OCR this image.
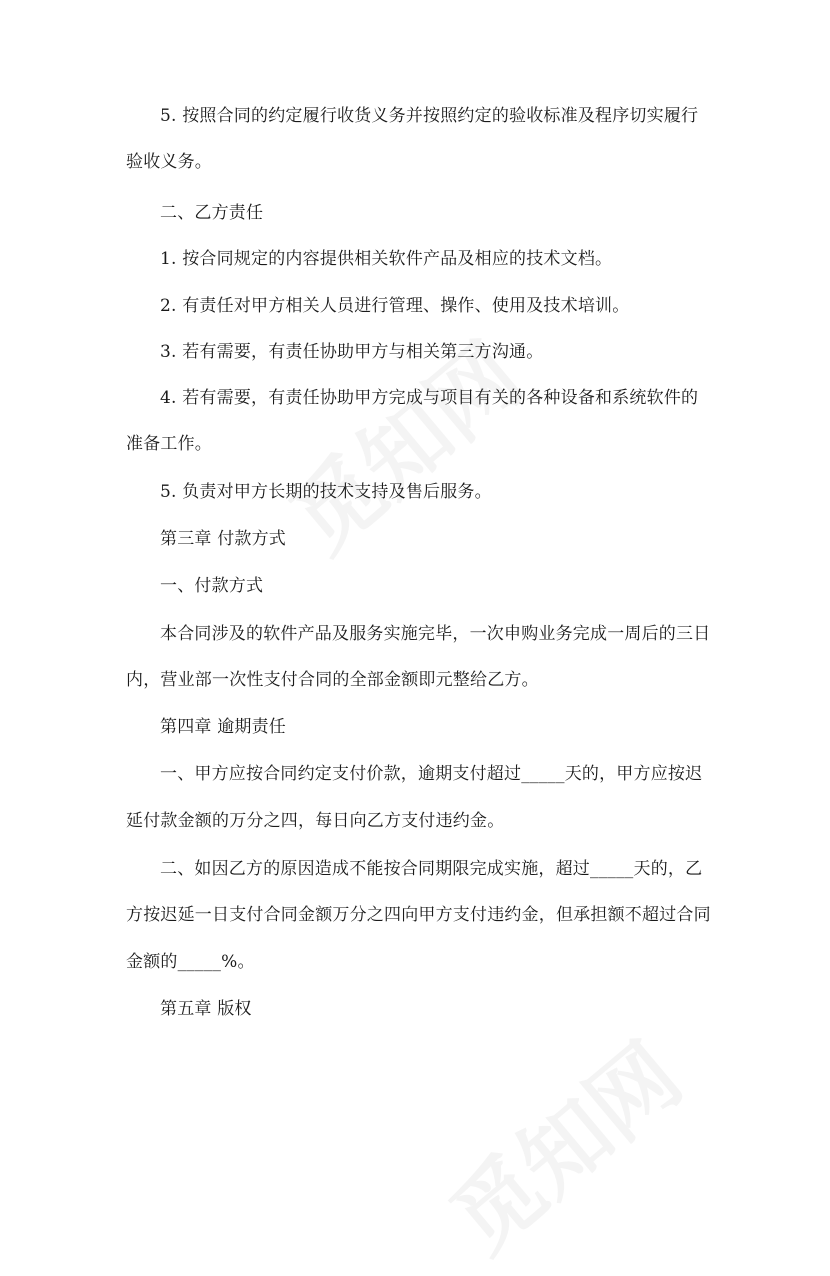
5. 按照合同的约定履行收货义务并按照约定的验收标准及程序切实履行
验收义务。
二、乙方责任
1. 按合同规定的内容提供相关软件产品及相应的技术文档。
2. 有责任对甲方相关人员进行管理、操作、使用及技术培训。
3. 若有需要，有责任协助甲方与相关第三方沟通。
4. 若有需要，有责任协助甲方完成与项目有关的各种设备和系统软件的
准备工作。
5. 负责对甲方长期的技术支持及售后服务。
第三章 付款方式
一、付款方式
本合同涉及的软件产品及服务实施完毕，一次申购业务完成一周后的三日
内，营业部一次性支付合同的全部金额即元整给乙方。
第四章 逾期责任
一、甲方应按合同约定支付价款，逾期支付超过_____天的，甲方应按迟
延付款金额的万分之四，每日向乙方支付违约金。
二、如因乙方的原因造成不能按合同期限完成实施，超过_____天的，乙
方按迟延一日支付合同金额万分之四向甲方支付违约金，但承担额不超过合同
金额的_____%。
第五章 版权
